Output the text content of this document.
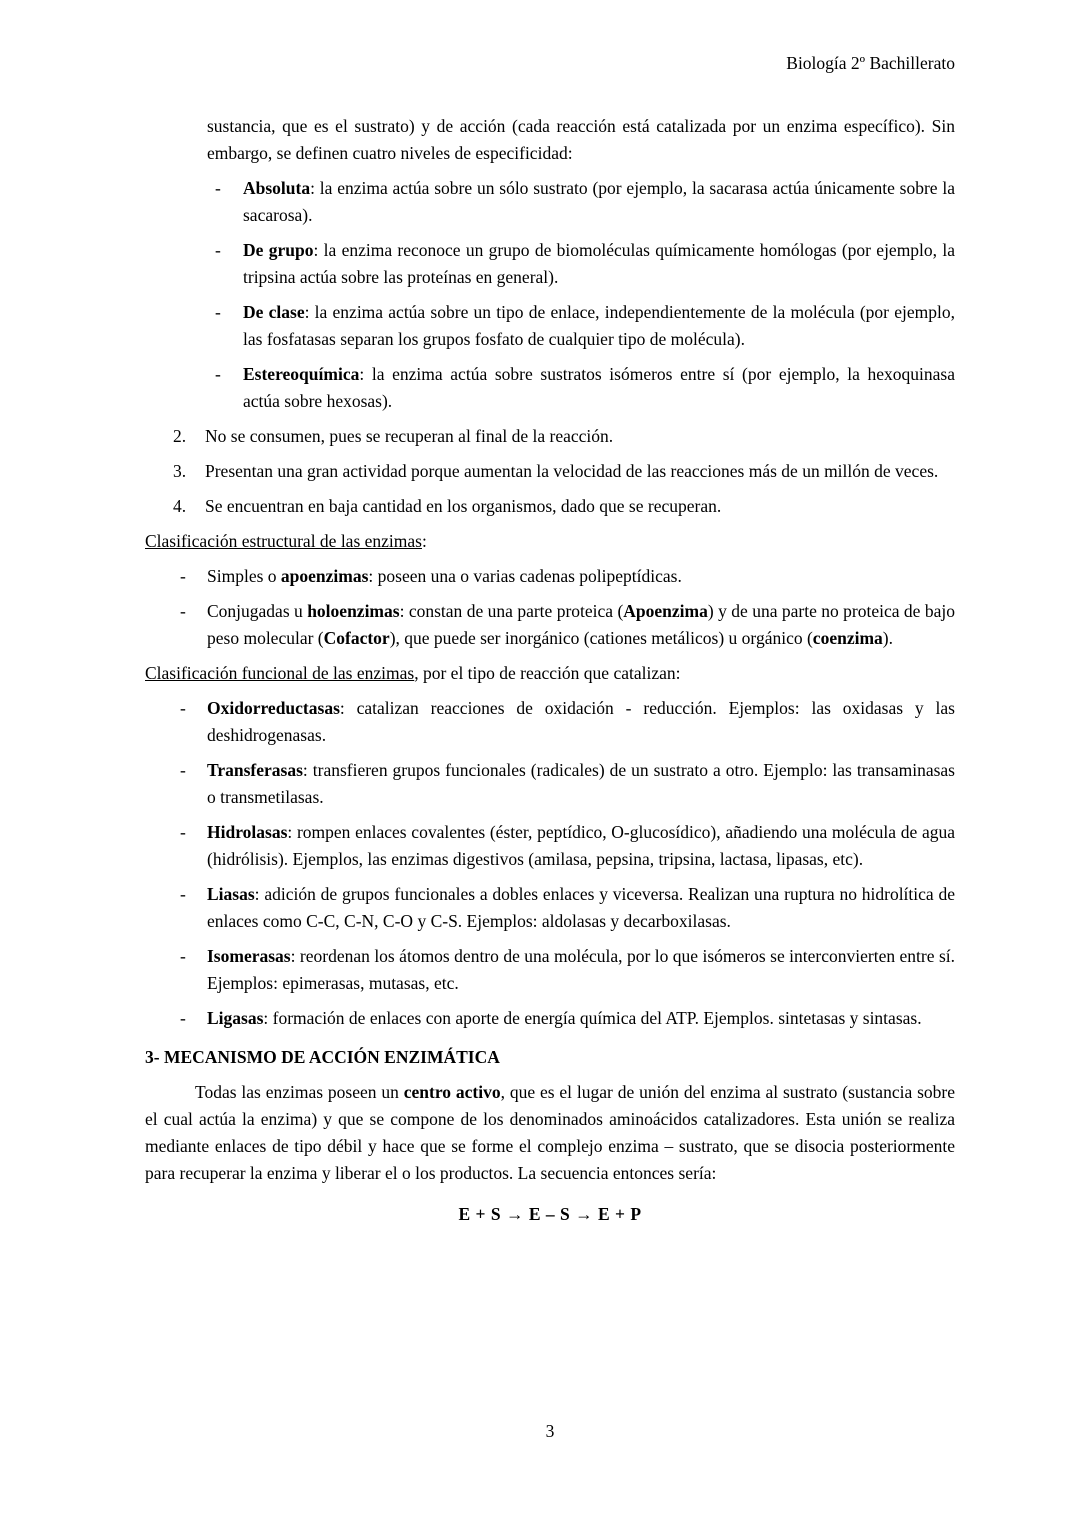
Biología 2º Bachillerato
sustancia, que es el sustrato) y de acción (cada reacción está catalizada por un enzima específico). Sin embargo, se definen cuatro niveles de especificidad:
- Absoluta: la enzima actúa sobre un sólo sustrato (por ejemplo, la sacarasa actúa únicamente sobre la sacarosa).
- De grupo: la enzima reconoce un grupo de biomoléculas químicamente homólogas (por ejemplo, la tripsina actúa sobre las proteínas en general).
- De clase: la enzima actúa sobre un tipo de enlace, independientemente de la molécula (por ejemplo, las fosfatasas separan los grupos fosfato de cualquier tipo de molécula).
- Estereoquímica: la enzima actúa sobre sustratos isómeros entre sí (por ejemplo, la hexoquinasa actúa sobre hexosas).
2. No se consumen, pues se recuperan al final de la reacción.
3. Presentan una gran actividad porque aumentan la velocidad de las reacciones más de un millón de veces.
4. Se encuentran en baja cantidad en los organismos, dado que se recuperan.
Clasificación estructural de las enzimas:
- Simples o apoenzimas: poseen una o varias cadenas polipeptídicas.
- Conjugadas u holoenzimas: constan de una parte proteica (Apoenzima) y de una parte no proteica de bajo peso molecular (Cofactor), que puede ser inorgánico (cationes metálicos) u orgánico (coenzima).
Clasificación funcional de las enzimas, por el tipo de reacción que catalizan:
- Oxidorreductasas: catalizan reacciones de oxidación - reducción. Ejemplos: las oxidasas y las deshidrogenasas.
- Transferasas: transfieren grupos funcionales (radicales) de un sustrato a otro. Ejemplo: las transaminasas o transmetilasas.
- Hidrolasas: rompen enlaces covalentes (éster, peptídico, O-glucosídico), añadiendo una molécula de agua (hidrólisis). Ejemplos, las enzimas digestivos (amilasa, pepsina, tripsina, lactasa, lipasas, etc).
- Liasas: adición de grupos funcionales a dobles enlaces y viceversa. Realizan una ruptura no hidrolítica de enlaces como C-C, C-N, C-O y C-S. Ejemplos: aldolasas y decarboxilasas.
- Isomerasas: reordenan los átomos dentro de una molécula, por lo que isómeros se interconvierten entre sí. Ejemplos: epimerasas, mutasas, etc.
- Ligasas: formación de enlaces con aporte de energía química del ATP. Ejemplos. sintetasas y sintasas.
3- MECANISMO DE ACCIÓN ENZIMÁTICA
Todas las enzimas poseen un centro activo, que es el lugar de unión del enzima al sustrato (sustancia sobre el cual actúa la enzima) y que se compone de los denominados aminoácidos catalizadores. Esta unión se realiza mediante enlaces de tipo débil y hace que se forme el complejo enzima – sustrato, que se disocia posteriormente para recuperar la enzima y liberar el o los productos. La secuencia entonces sería:
E + S → E – S → E + P
3
